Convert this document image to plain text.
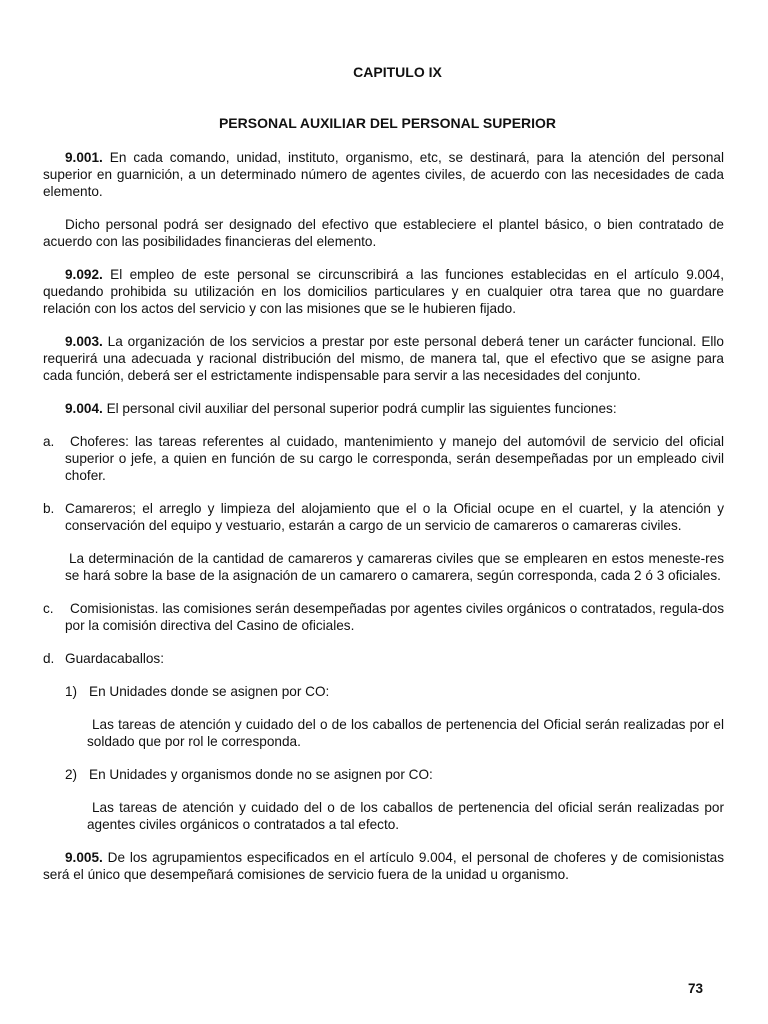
CAPITULO IX
PERSONAL AUXILIAR DEL PERSONAL SUPERIOR

9.001. En cada comando, unidad, instituto, organismo, etc, se destinará, para la atención del personal superior en guarnición, a un determinado número de agentes civiles, de acuerdo con las necesidades de cada elemento.

Dicho personal podrá ser designado del efectivo que estableciere el plantel básico, o bien contratado de acuerdo con las posibilidades financieras del elemento.

9.092. El empleo de este personal se circunscribirá a las funciones establecidas en el artículo 9.004, quedando prohibida su utilización en los domicilios particulares y en cualquier otra tarea que no guardare relación con los actos del servicio y con las misiones que se le hubieren fijado.

9.003. La organización de los servicios a prestar por este personal deberá tener un carácter funcional. Ello requerirá una adecuada y racional distribución del mismo, de manera tal, que el efectivo que se asigne para cada función, deberá ser el estrictamente indispensable para servir a las necesidades del conjunto.

9.004. El personal civil auxiliar del personal superior podrá cumplir las siguientes funciones:

a.	Choferes: las tareas referentes al cuidado, mantenimiento y manejo del automóvil de servicio del oficial superior o jefe, a quien en función de su cargo le corresponda, serán desempeñadas por un empleado civil chofer.
b. Camareros; el arreglo y limpieza del alojamiento que el o la Oficial ocupe en el cuartel, y la atención y conservación del equipo y vestuario, estarán a cargo de un servicio de camareros o camareras civiles.

La determinación de la cantidad de camareros y camareras civiles que se emplearen en estos meneste-res se hará sobre la base de la asignación de un camarero o camarera, según corresponda, cada 2 ó 3 oficiales.

c.	Comisionistas. las comisiones serán desempeñadas por agentes civiles orgánicos o contratados, regula-dos por la comisión directiva del Casino de oficiales.
d. Guardacaballos:
1) En Unidades donde se asignen por CO:

Las tareas de atención y cuidado del o de los caballos de pertenencia del Oficial serán realizadas por el soldado que por rol le corresponda.

2) En Unidades y organismos donde no se asignen por CO:

Las tareas de atención y cuidado del o de los caballos de pertenencia del oficial serán realizadas por agentes civiles orgánicos o contratados a tal efecto.

9.005. De los agrupamientos especificados en el artículo 9.004, el personal de choferes y de comisionistas será el único que desempeñará comisiones de servicio fuera de la unidad u organismo.

73
